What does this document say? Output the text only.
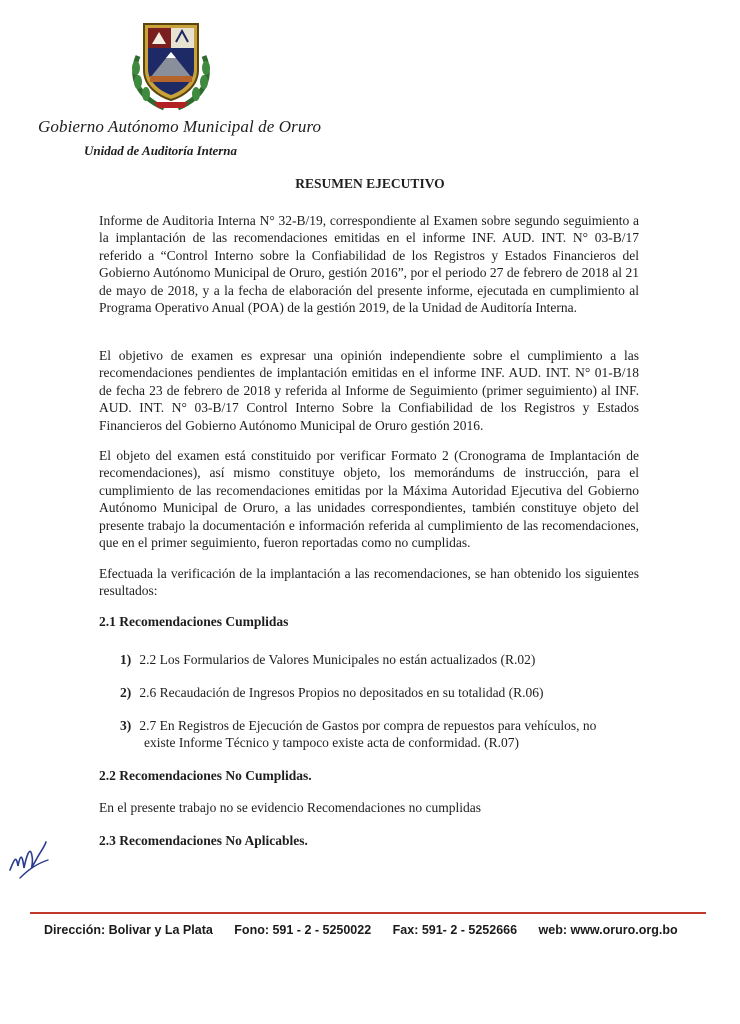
Gobierno Autónomo Municipal de Oruro
Unidad de Auditoría Interna
RESUMEN EJECUTIVO

Informe de Auditoria Interna N° 32-B/19, correspondiente al Examen sobre segundo seguimiento a la implantación de las recomendaciones emitidas en el informe INF. AUD. INT. N° 03-B/17 referido a “Control Interno sobre la Confiabilidad de los Registros y Estados Financieros del Gobierno Autónomo Municipal de Oruro, gestión 2016”, por el periodo 27 de febrero de 2018 al 21 de mayo de 2018, y a la fecha de elaboración del presente informe, ejecutada en cumplimiento al Programa Operativo Anual (POA) de la gestión 2019, de la Unidad de Auditoría Interna.

El objetivo de examen es expresar una opinión independiente sobre el cumplimiento a las recomendaciones pendientes de implantación emitidas en el informe INF. AUD. INT. N° 01-B/18 de fecha 23 de febrero de 2018 y referida al Informe de Seguimiento (primer seguimiento) al INF. AUD. INT. N° 03-B/17 Control Interno Sobre la Confiabilidad de los Registros y Estados Financieros del Gobierno Autónomo Municipal de Oruro gestión 2016.

El objeto del examen está constituido por verificar Formato 2 (Cronograma de Implantación de recomendaciones), así mismo constituye objeto, los memorándums de instrucción, para el cumplimiento de las recomendaciones emitidas por la Máxima Autoridad Ejecutiva del Gobierno Autónomo Municipal de Oruro, a las unidades correspondientes, también constituye objeto del presente trabajo la documentación e información referida al cumplimiento de las recomendaciones, que en el primer seguimiento, fueron reportadas como no cumplidas.

Efectuada la verificación de la implantación a las recomendaciones, se han obtenido los siguientes resultados:

2.1 Recomendaciones Cumplidas
1) 2.2 Los Formularios de Valores Municipales no están actualizados (R.02)
2) 2.6 Recaudación de Ingresos Propios no depositados en su totalidad (R.06)
3) 2.7 En Registros de Ejecución de Gastos por compra de repuestos para vehículos, no
existe Informe Técnico y tampoco existe acta de conformidad. (R.07)
2.2 Recomendaciones No Cumplidas.
En el presente trabajo no se evidencio Recomendaciones no cumplidas
2.3 Recomendaciones No Aplicables.
Dirección: Bolivar y La Plata Fono: 591 - 2 - 5250022 Fax: 591- 2 - 5252666 web: www.oruro.org.bo
